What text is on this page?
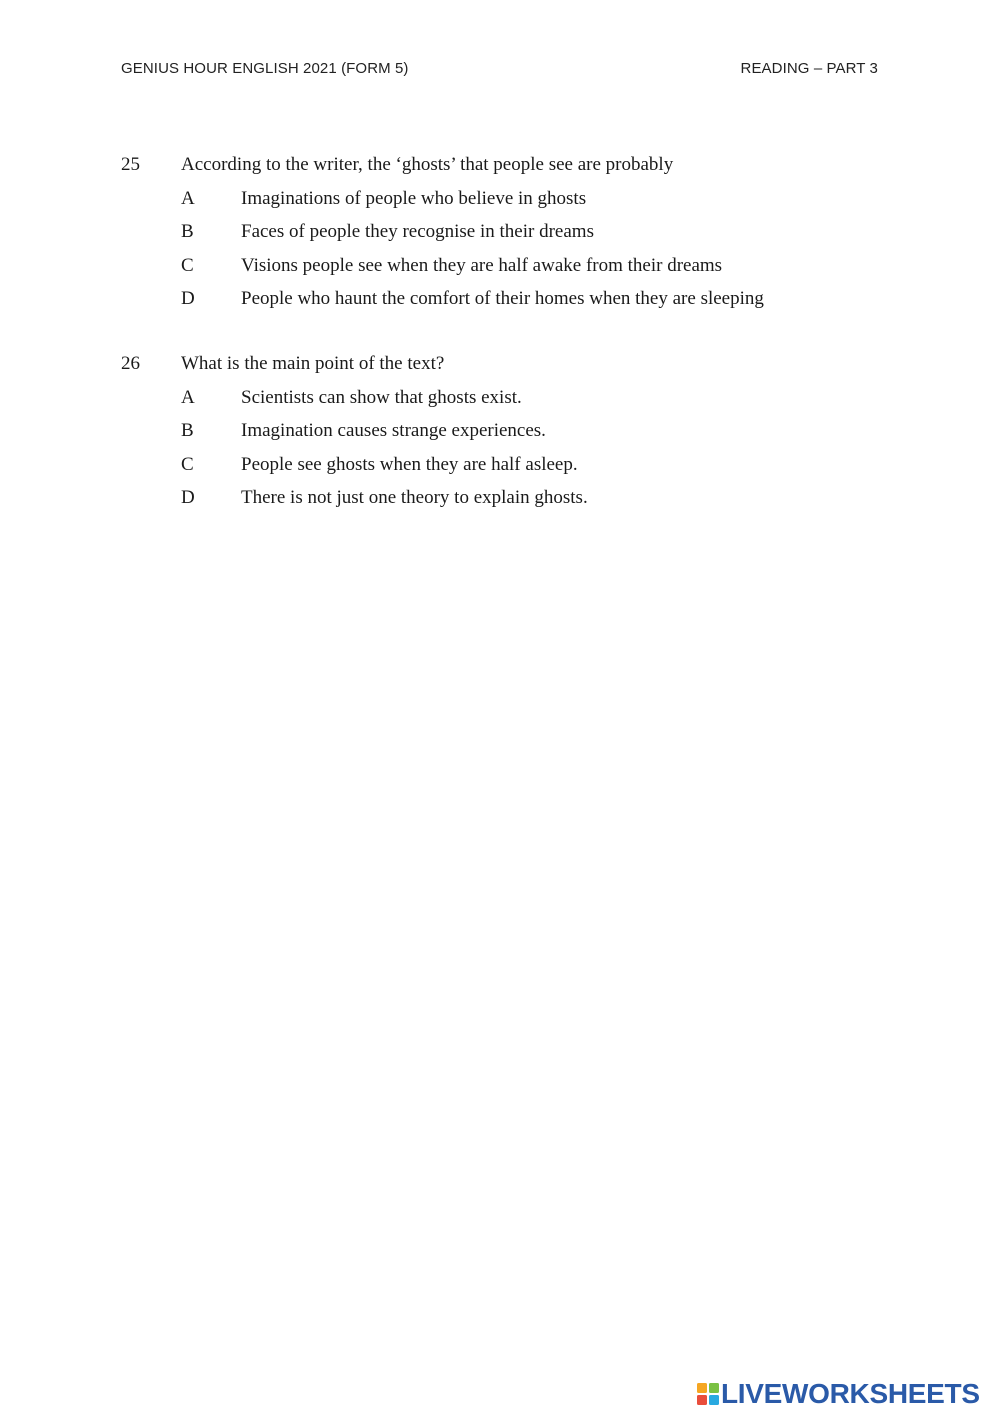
GENIUS HOUR ENGLISH 2021 (FORM 5)	READING – PART 3
25 According to the writer, the ‘ghosts’ that people see are probably
A Imaginations of people who believe in ghosts
B Faces of people they recognise in their dreams
C Visions people see when they are half awake from their dreams
D People who haunt the comfort of their homes when they are sleeping
26 What is the main point of the text?
A Scientists can show that ghosts exist.
B Imagination causes strange experiences.
C People see ghosts when they are half asleep.
D There is not just one theory to explain ghosts.
LIVEWORKSHEETS
